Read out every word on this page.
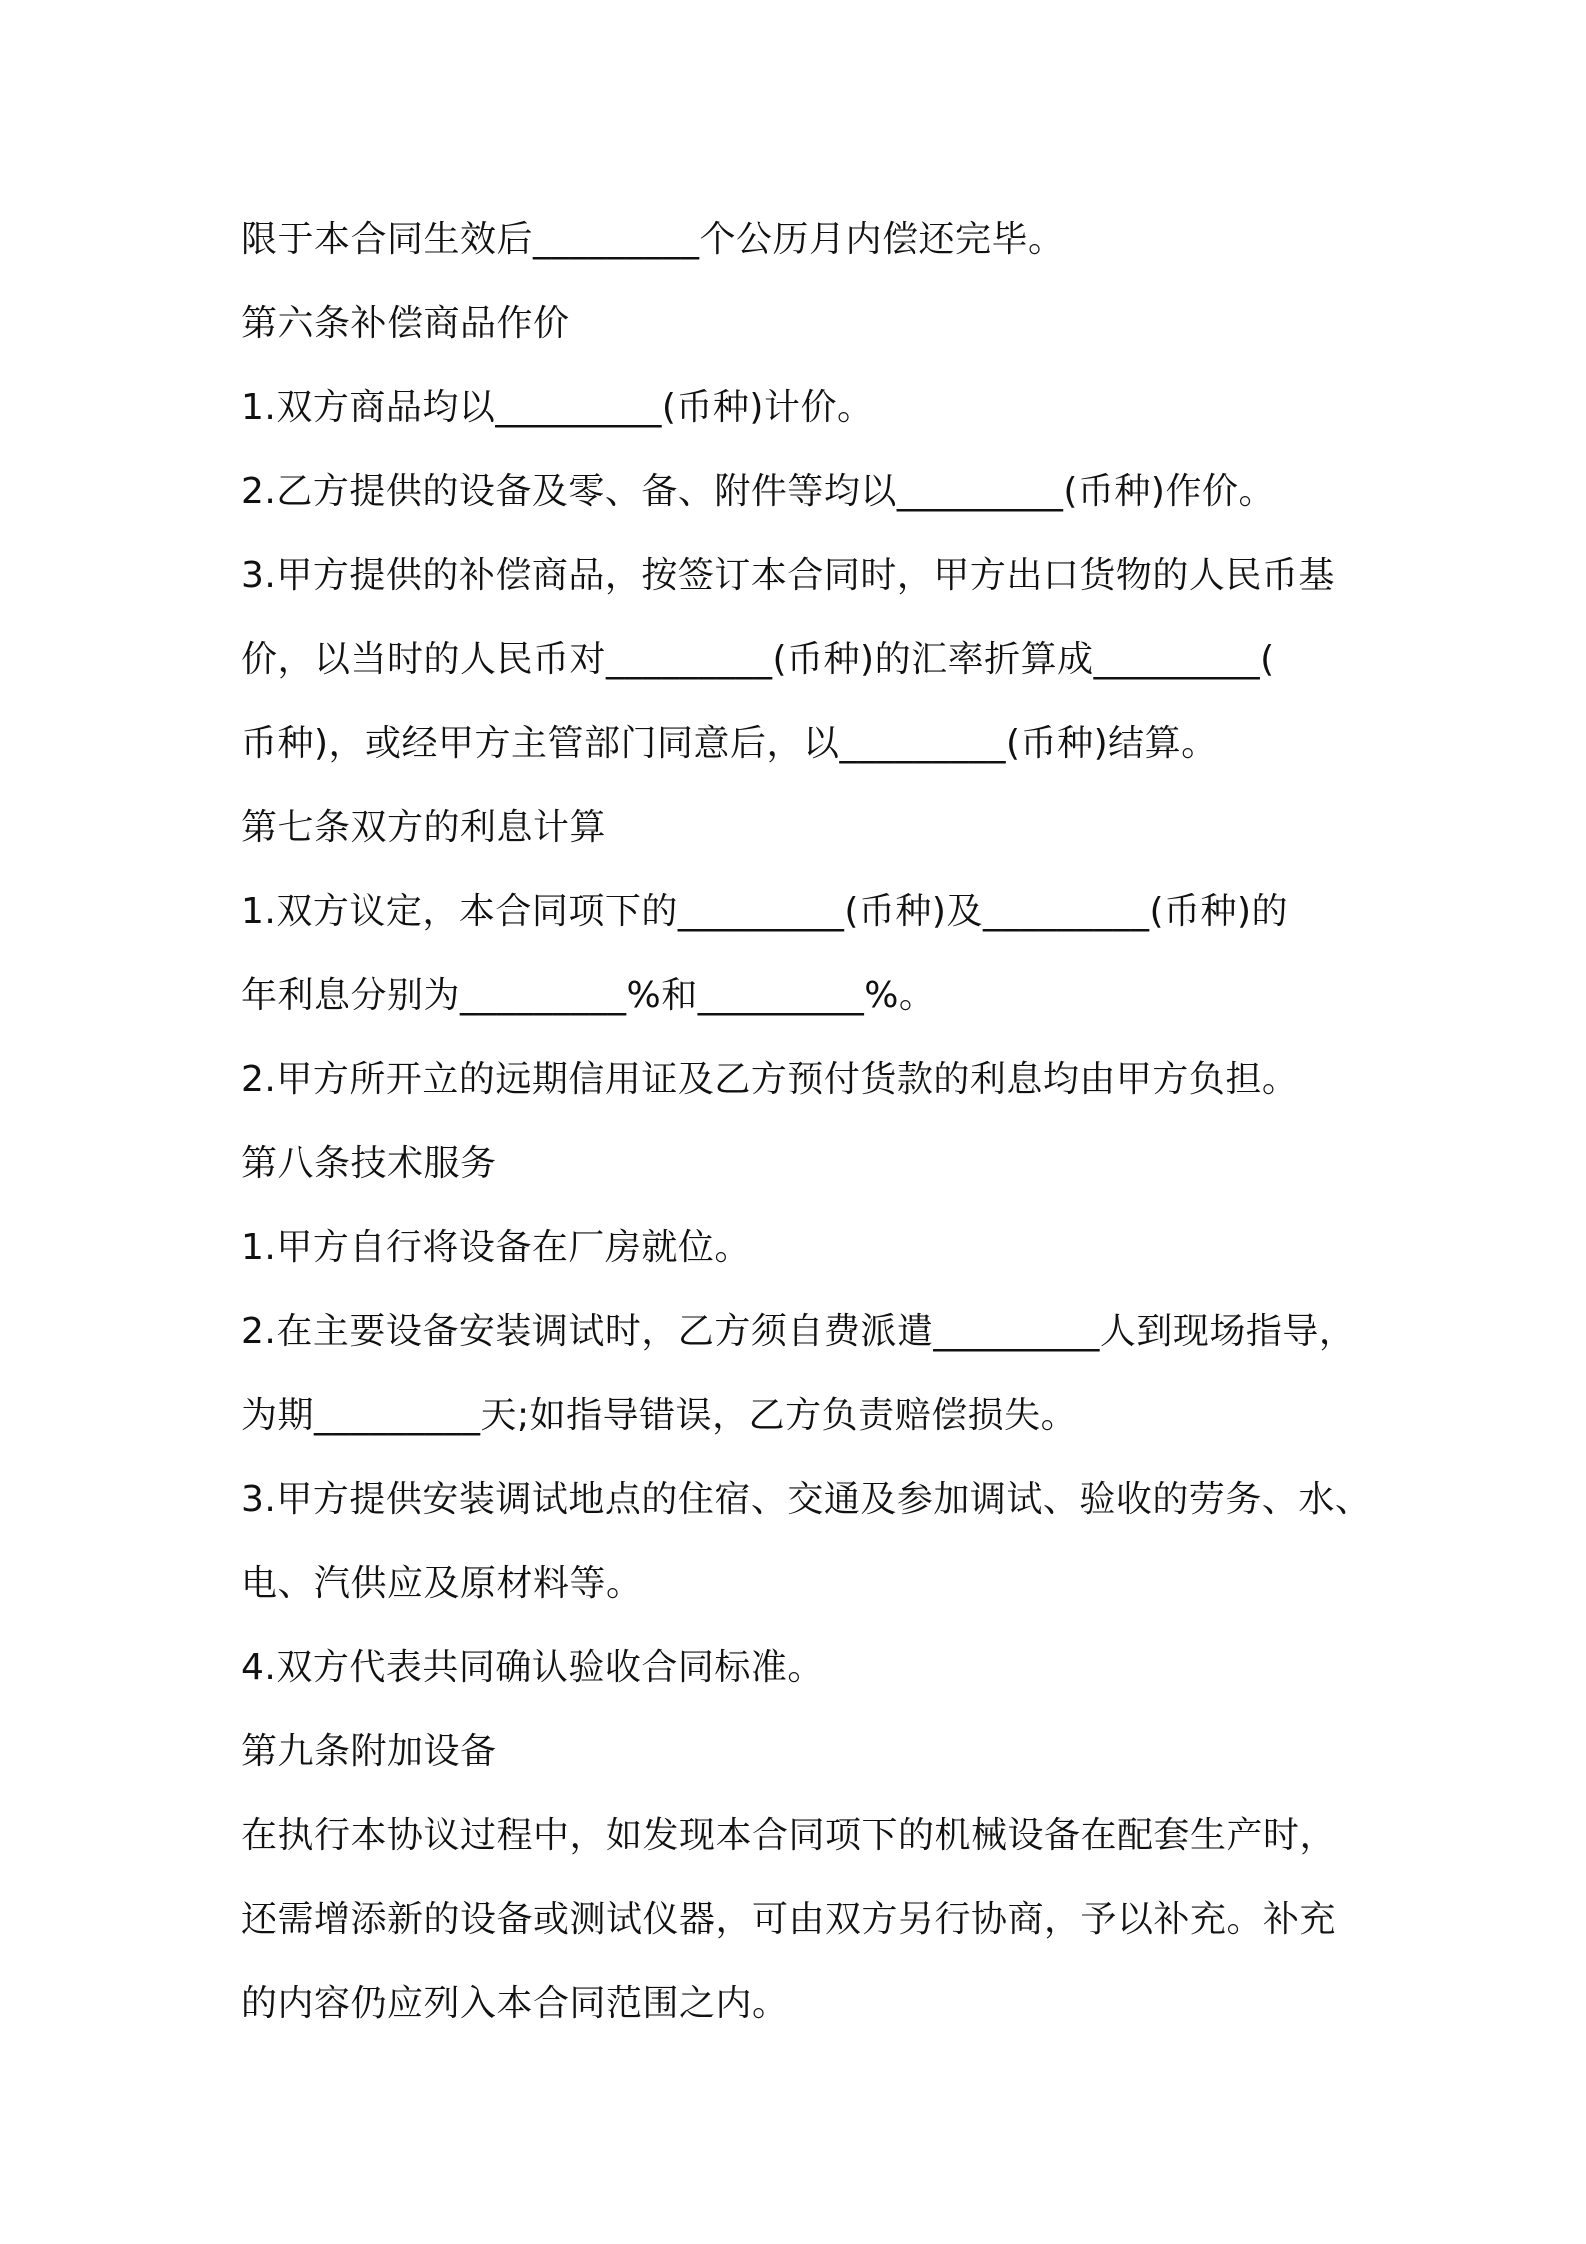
限于本合同生效后_________个公历月内偿还完毕。
第六条补偿商品作价
1.双方商品均以_________(币种)计价。
2.乙方提供的设备及零、备、附件等均以_________(币种)作价。
3.甲方提供的补偿商品，按签订本合同时，甲方出口货物的人民币基
价，以当时的人民币对_________(币种)的汇率折算成_________(
币种)，或经甲方主管部门同意后，以_________(币种)结算。
第七条双方的利息计算
1.双方议定，本合同项下的_________(币种)及_________(币种)的
年利息分别为_________%和_________%。
2.甲方所开立的远期信用证及乙方预付货款的利息均由甲方负担。
第八条技术服务
1.甲方自行将设备在厂房就位。
2.在主要设备安装调试时，乙方须自费派遣_________人到现场指导，
为期_________天;如指导错误，乙方负责赔偿损失。
3.甲方提供安装调试地点的住宿、交通及参加调试、验收的劳务、水、
电、汽供应及原材料等。
4.双方代表共同确认验收合同标准。
第九条附加设备
在执行本协议过程中，如发现本合同项下的机械设备在配套生产时，
还需增添新的设备或测试仪器，可由双方另行协商，予以补充。补充
的内容仍应列入本合同范围之内。
